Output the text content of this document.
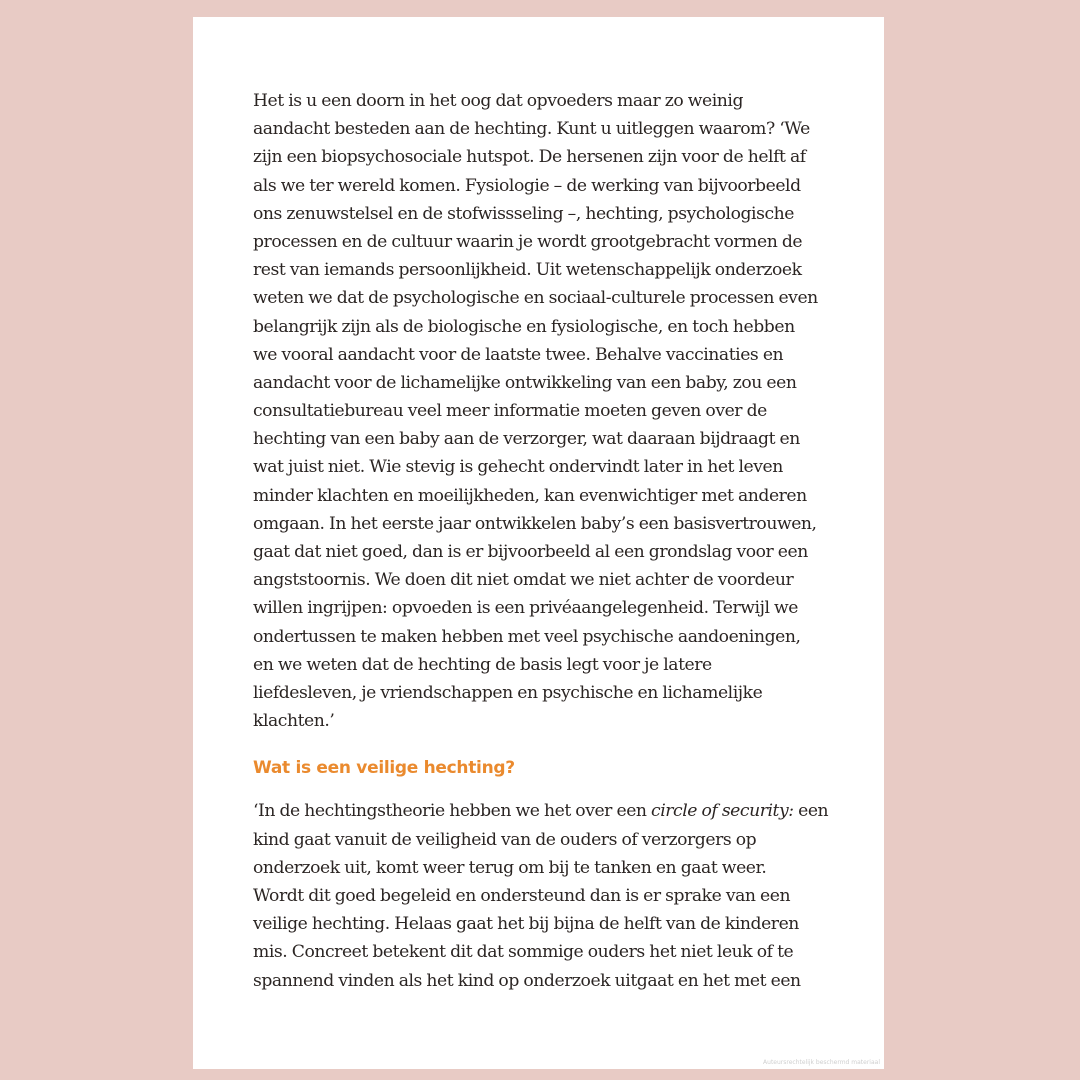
Het is u een doorn in het oog dat opvoeders maar zo weinig
aandacht besteden aan de hechting. Kunt u uitleggen waarom? ‘We
zijn een biopsychosociale hutspot. De hersenen zijn voor de helft af
als we ter wereld komen. Fysiologie – de werking van bijvoorbeeld
ons zenuwstelsel en de stofwissseling –, hechting, psychologische
processen en de cultuur waarin je wordt grootgebracht vormen de
rest van iemands persoonlijkheid. Uit wetenschappelijk onderzoek
weten we dat de psychologische en sociaal-culturele processen even
belangrijk zijn als de biologische en fysiologische, en toch hebben
we vooral aandacht voor de laatste twee. Behalve vaccinaties en
aandacht voor de lichamelijke ontwikkeling van een baby, zou een
consultatiebureau veel meer informatie moeten geven over de
hechting van een baby aan de verzorger, wat daaraan bijdraagt en
wat juist niet. Wie stevig is gehecht ondervindt later in het leven
minder klachten en moeilijkheden, kan evenwichtiger met anderen
omgaan. In het eerste jaar ontwikkelen baby’s een basisvertrouwen,
gaat dat niet goed, dan is er bijvoorbeeld al een grondslag voor een
angststoornis. We doen dit niet omdat we niet achter de voordeur
willen ingrijpen: opvoeden is een privéaangelegenheid. Terwijl we
ondertussen te maken hebben met veel psychische aandoeningen,
en we weten dat de hechting de basis legt voor je latere
liefdesleven, je vriendschappen en psychische en lichamelijke
klachten.’
Wat is een veilige hechting?
‘In de hechtingstheorie hebben we het over een circle of security: een
kind gaat vanuit de veiligheid van de ouders of verzorgers op
onderzoek uit, komt weer terug om bij te tanken en gaat weer.
Wordt dit goed begeleid en ondersteund dan is er sprake van een
veilige hechting. Helaas gaat het bij bijna de helft van de kinderen
mis. Concreet betekent dit dat sommige ouders het niet leuk of te
spannend vinden als het kind op onderzoek uitgaat en het met een
Auteursrechtelijk beschermd materiaal
